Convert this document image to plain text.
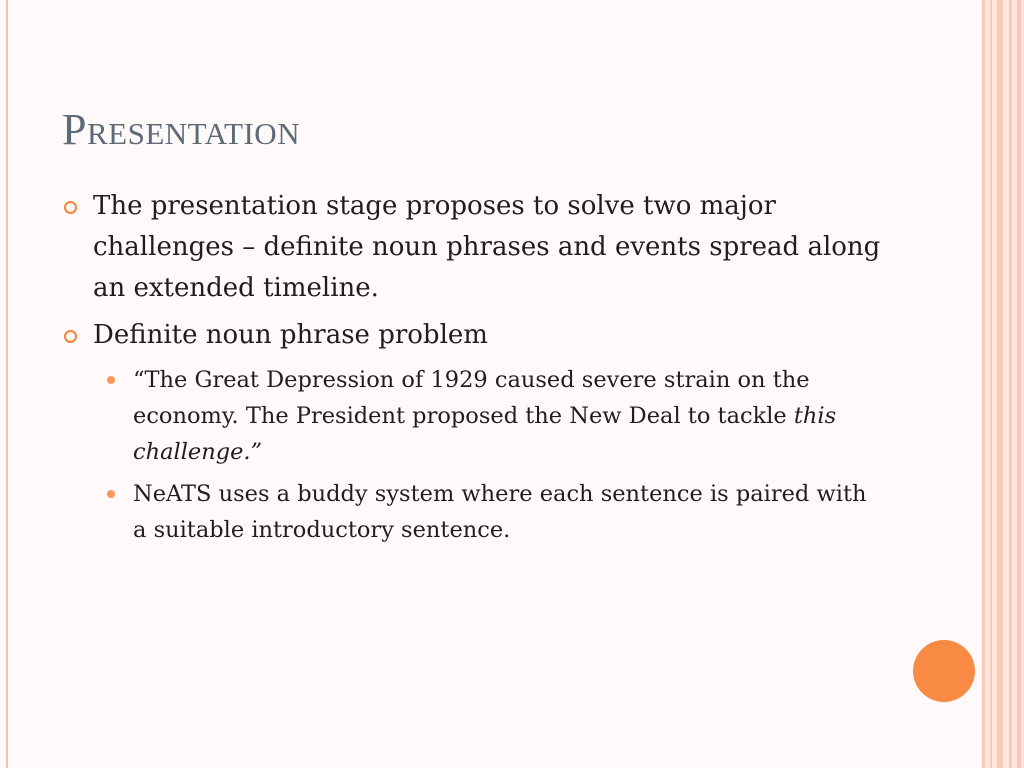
Presentation
The presentation stage proposes to solve two major challenges – definite noun phrases and events spread along an extended timeline.
Definite noun phrase problem
“The Great Depression of 1929 caused severe strain on the economy. The President proposed the New Deal to tackle this challenge.”
NeATS uses a buddy system where each sentence is paired with a suitable introductory sentence.
